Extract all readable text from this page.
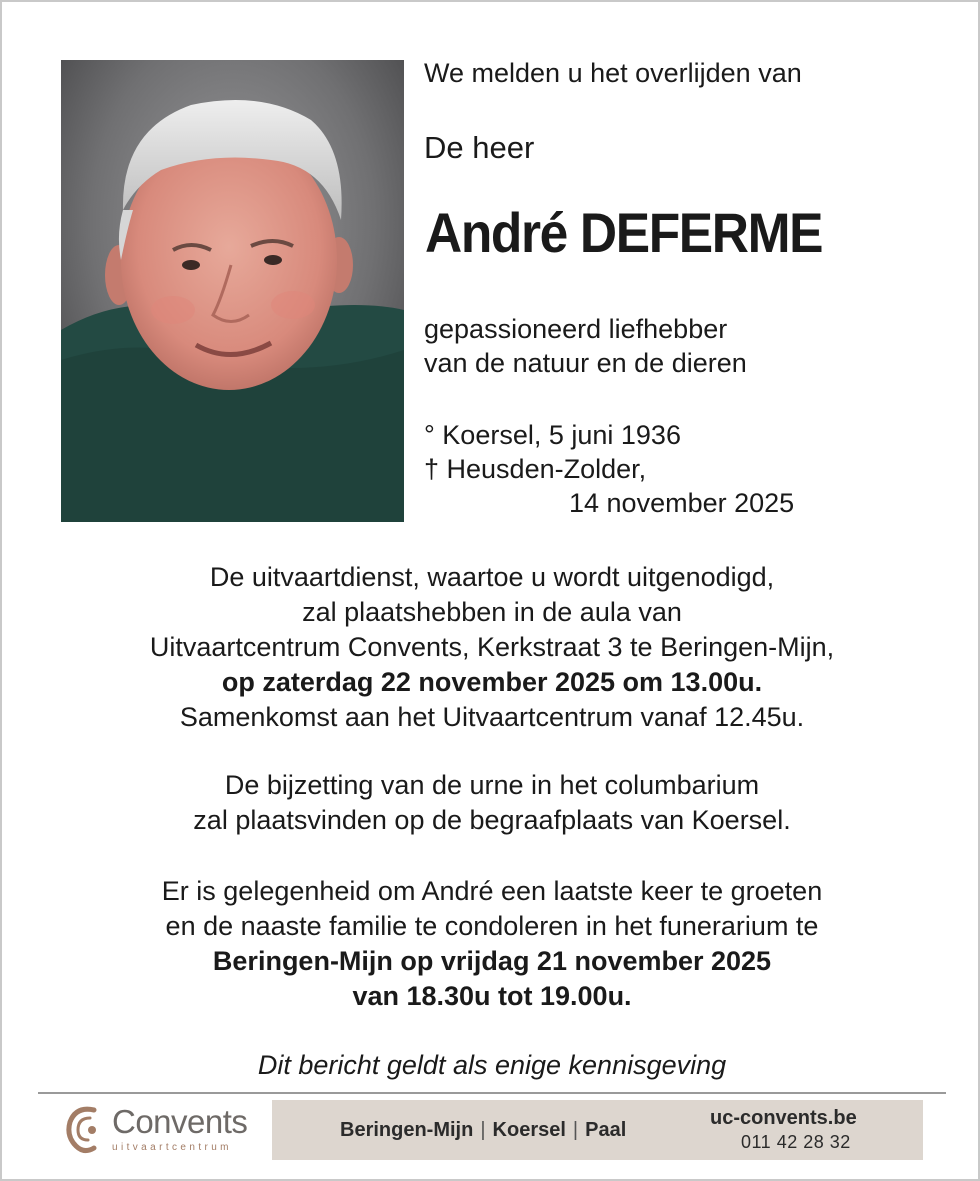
We melden u het overlijden van
De heer
André DEFERME
gepassioneerd liefhebber
van de natuur en de dieren
° Koersel, 5 juni 1936
† Heusden-Zolder,
14 november 2025
De uitvaartdienst, waartoe u wordt uitgenodigd,
zal plaatshebben in de aula van
Uitvaartcentrum Convents, Kerkstraat 3 te Beringen-Mijn,
op zaterdag 22 november 2025 om 13.00u.
Samenkomst aan het Uitvaartcentrum vanaf 12.45u.
De bijzetting van de urne in het columbarium
zal plaatsvinden op de begraafplaats van Koersel.
Er is gelegenheid om André een laatste keer te groeten
en de naaste familie te condoleren in het funerarium te
Beringen-Mijn op vrijdag 21 november 2025
van 18.30u tot 19.00u.
Dit bericht geldt als enige kennisgeving
Convents
uitvaartcentrum
Beringen-Mijn | Koersel | Paal
uc-convents.be
011 42 28 32
